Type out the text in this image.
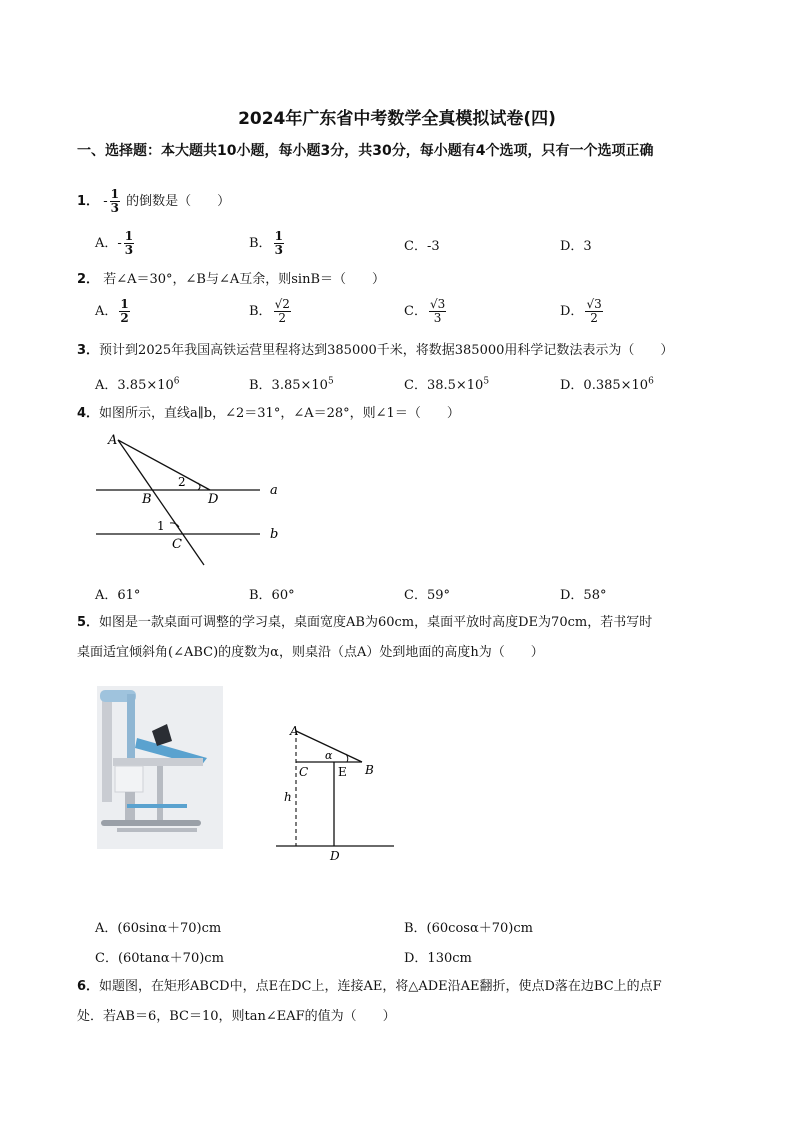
2024年广东省中考数学全真模拟试卷(四)
一、选择题：本大题共10小题，每小题3分，共30分，每小题有4个选项，只有一个选项正确
1． - $\frac{1}{3}$ 的倒数是（　　）
A．- $\frac{1}{3}$	B． $\frac{1}{3}$	C．-3	D．3
2． 若∠A＝30°，∠B与∠A互余，则sinB＝（　　）
A． $\frac{1}{2}$	B． $\frac{√2}{2}$	C． $\frac{√3}{3}$	D． $\frac{√3}{2}$
3．预计到2025年我国高铁运营里程将达到385000千米，将数据385000用科学记数法表示为（　　）
A．$3.85\times 10^6$	B．$3.85\times 10^5$	C．$38.5\times 10^5$	D．$0.385\times 10^6$
4．如图所示，直线a∥b，∠2＝31°，∠A＝28°，则∠1＝（　　）
A
B
C
D
a
b
1
2
A．61°	B．60°	C．59°	D．58°
5．如图是一款桌面可调整的学习桌，桌面宽度AB为60cm，桌面平放时高度DE为70cm，若书写时
桌面适宜倾斜角(∠ABC)的度数为α，则桌沿（点A）处到地面的高度h为（　　）
A
B
C
D
E
h
α
A．(60sinα＋70)cm	B．(60cosα＋70)cm
C．(60tanα＋70)cm	D．130cm
6．如题图，在矩形ABCD中，点E在DC上，连接AE，将△ADE沿AE翻折，使点D落在边BC上的点F
处．若AB＝6，BC＝10，则tan∠EAF的值为（　　）
